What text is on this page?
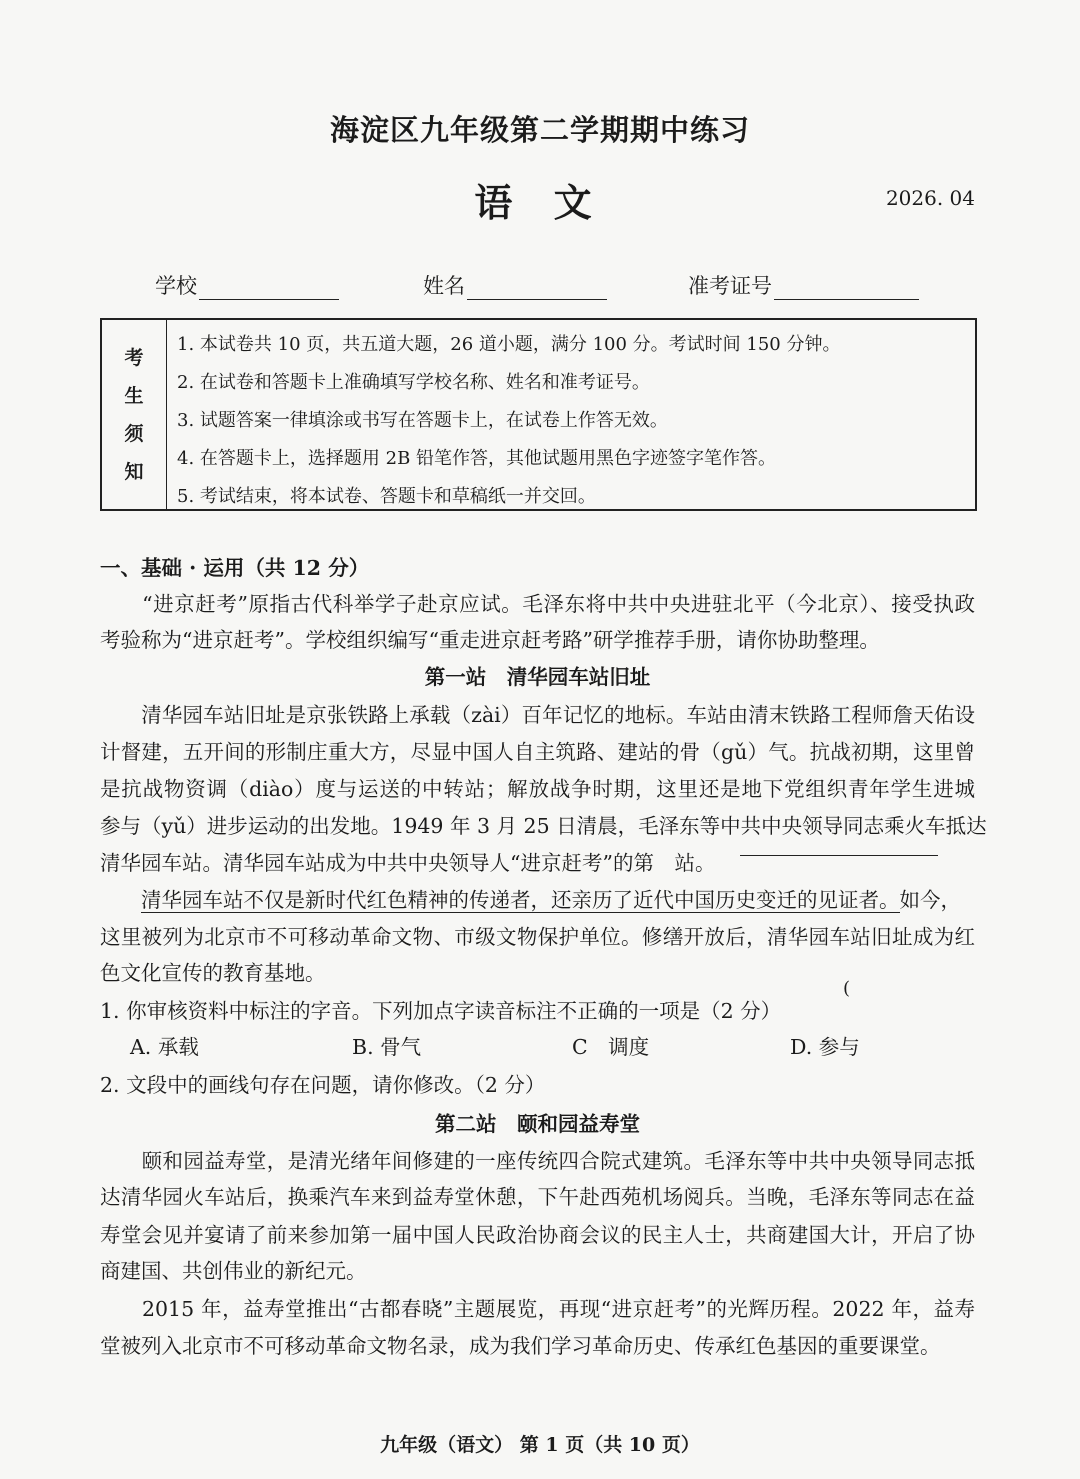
海淀区九年级第二学期期中练习
语 文	2026. 04
学校	姓名	准考证号
考
生
须
知
1. 本试卷共 10 页，共五道大题，26 道小题，满分 100 分。考试时间 150 分钟。
2. 在试卷和答题卡上准确填写学校名称、姓名和准考证号。
3. 试题答案一律填涂或书写在答题卡上，在试卷上作答无效。
4. 在答题卡上，选择题用 2B 铅笔作答，其他试题用黑色字迹签字笔作答。
5. 考试结束，将本试卷、答题卡和草稿纸一并交回。
一、基础 · 运用（共 12 分）
　　“进京赶考”原指古代科举学子赴京应试。毛泽东将中共中央进驻北平（今北京）、接受执政
考验称为“进京赶考”。学校组织编写“重走进京赶考路”研学推荐手册，请你协助整理。
第一站　清华园车站旧址
　　清华园车站旧址是京张铁路上承载（zài）百年记忆的地标。车站由清末铁路工程师詹天佑设
计督建，五开间的形制庄重大方，尽显中国人自主筑路、建站的骨（gǔ）气。抗战初期，这里曾
是抗战物资调（diào）度与运送的中转站；解放战争时期，这里还是地下党组织青年学生进城
参与（yǔ）进步运动的出发地。1949 年 3 月 25 日清晨，毛泽东等中共中央领导同志乘火车抵达
清华园车站。清华园车站成为中共中央领导人“进京赶考”的第　站。
　　清华园车站不仅是新时代红色精神的传递者，还亲历了近代中国历史变迁的见证者。如今，
这里被列为北京市不可移动革命文物、市级文物保护单位。修缮开放后，清华园车站旧址成为红
色文化宣传的教育基地。
1. 你审核资料中标注的字音。下列加点字读音标注不正确的一项是（2 分）
(
A. 承载	B. 骨气	C　调度	D. 参与
2. 文段中的画线句存在问题，请你修改。（2 分）
第二站　颐和园益寿堂
　　颐和园益寿堂，是清光绪年间修建的一座传统四合院式建筑。毛泽东等中共中央领导同志抵
达清华园火车站后，换乘汽车来到益寿堂休憩，下午赴西苑机场阅兵。当晚，毛泽东等同志在益
寿堂会见并宴请了前来参加第一届中国人民政治协商会议的民主人士，共商建国大计，开启了协
商建国、共创伟业的新纪元。
　　2015 年，益寿堂推出“古都春晓”主题展览，再现“进京赶考”的光辉历程。2022 年，益寿
堂被列入北京市不可移动革命文物名录，成为我们学习革命历史、传承红色基因的重要课堂。
九年级（语文） 第 1 页（共 10 页）
